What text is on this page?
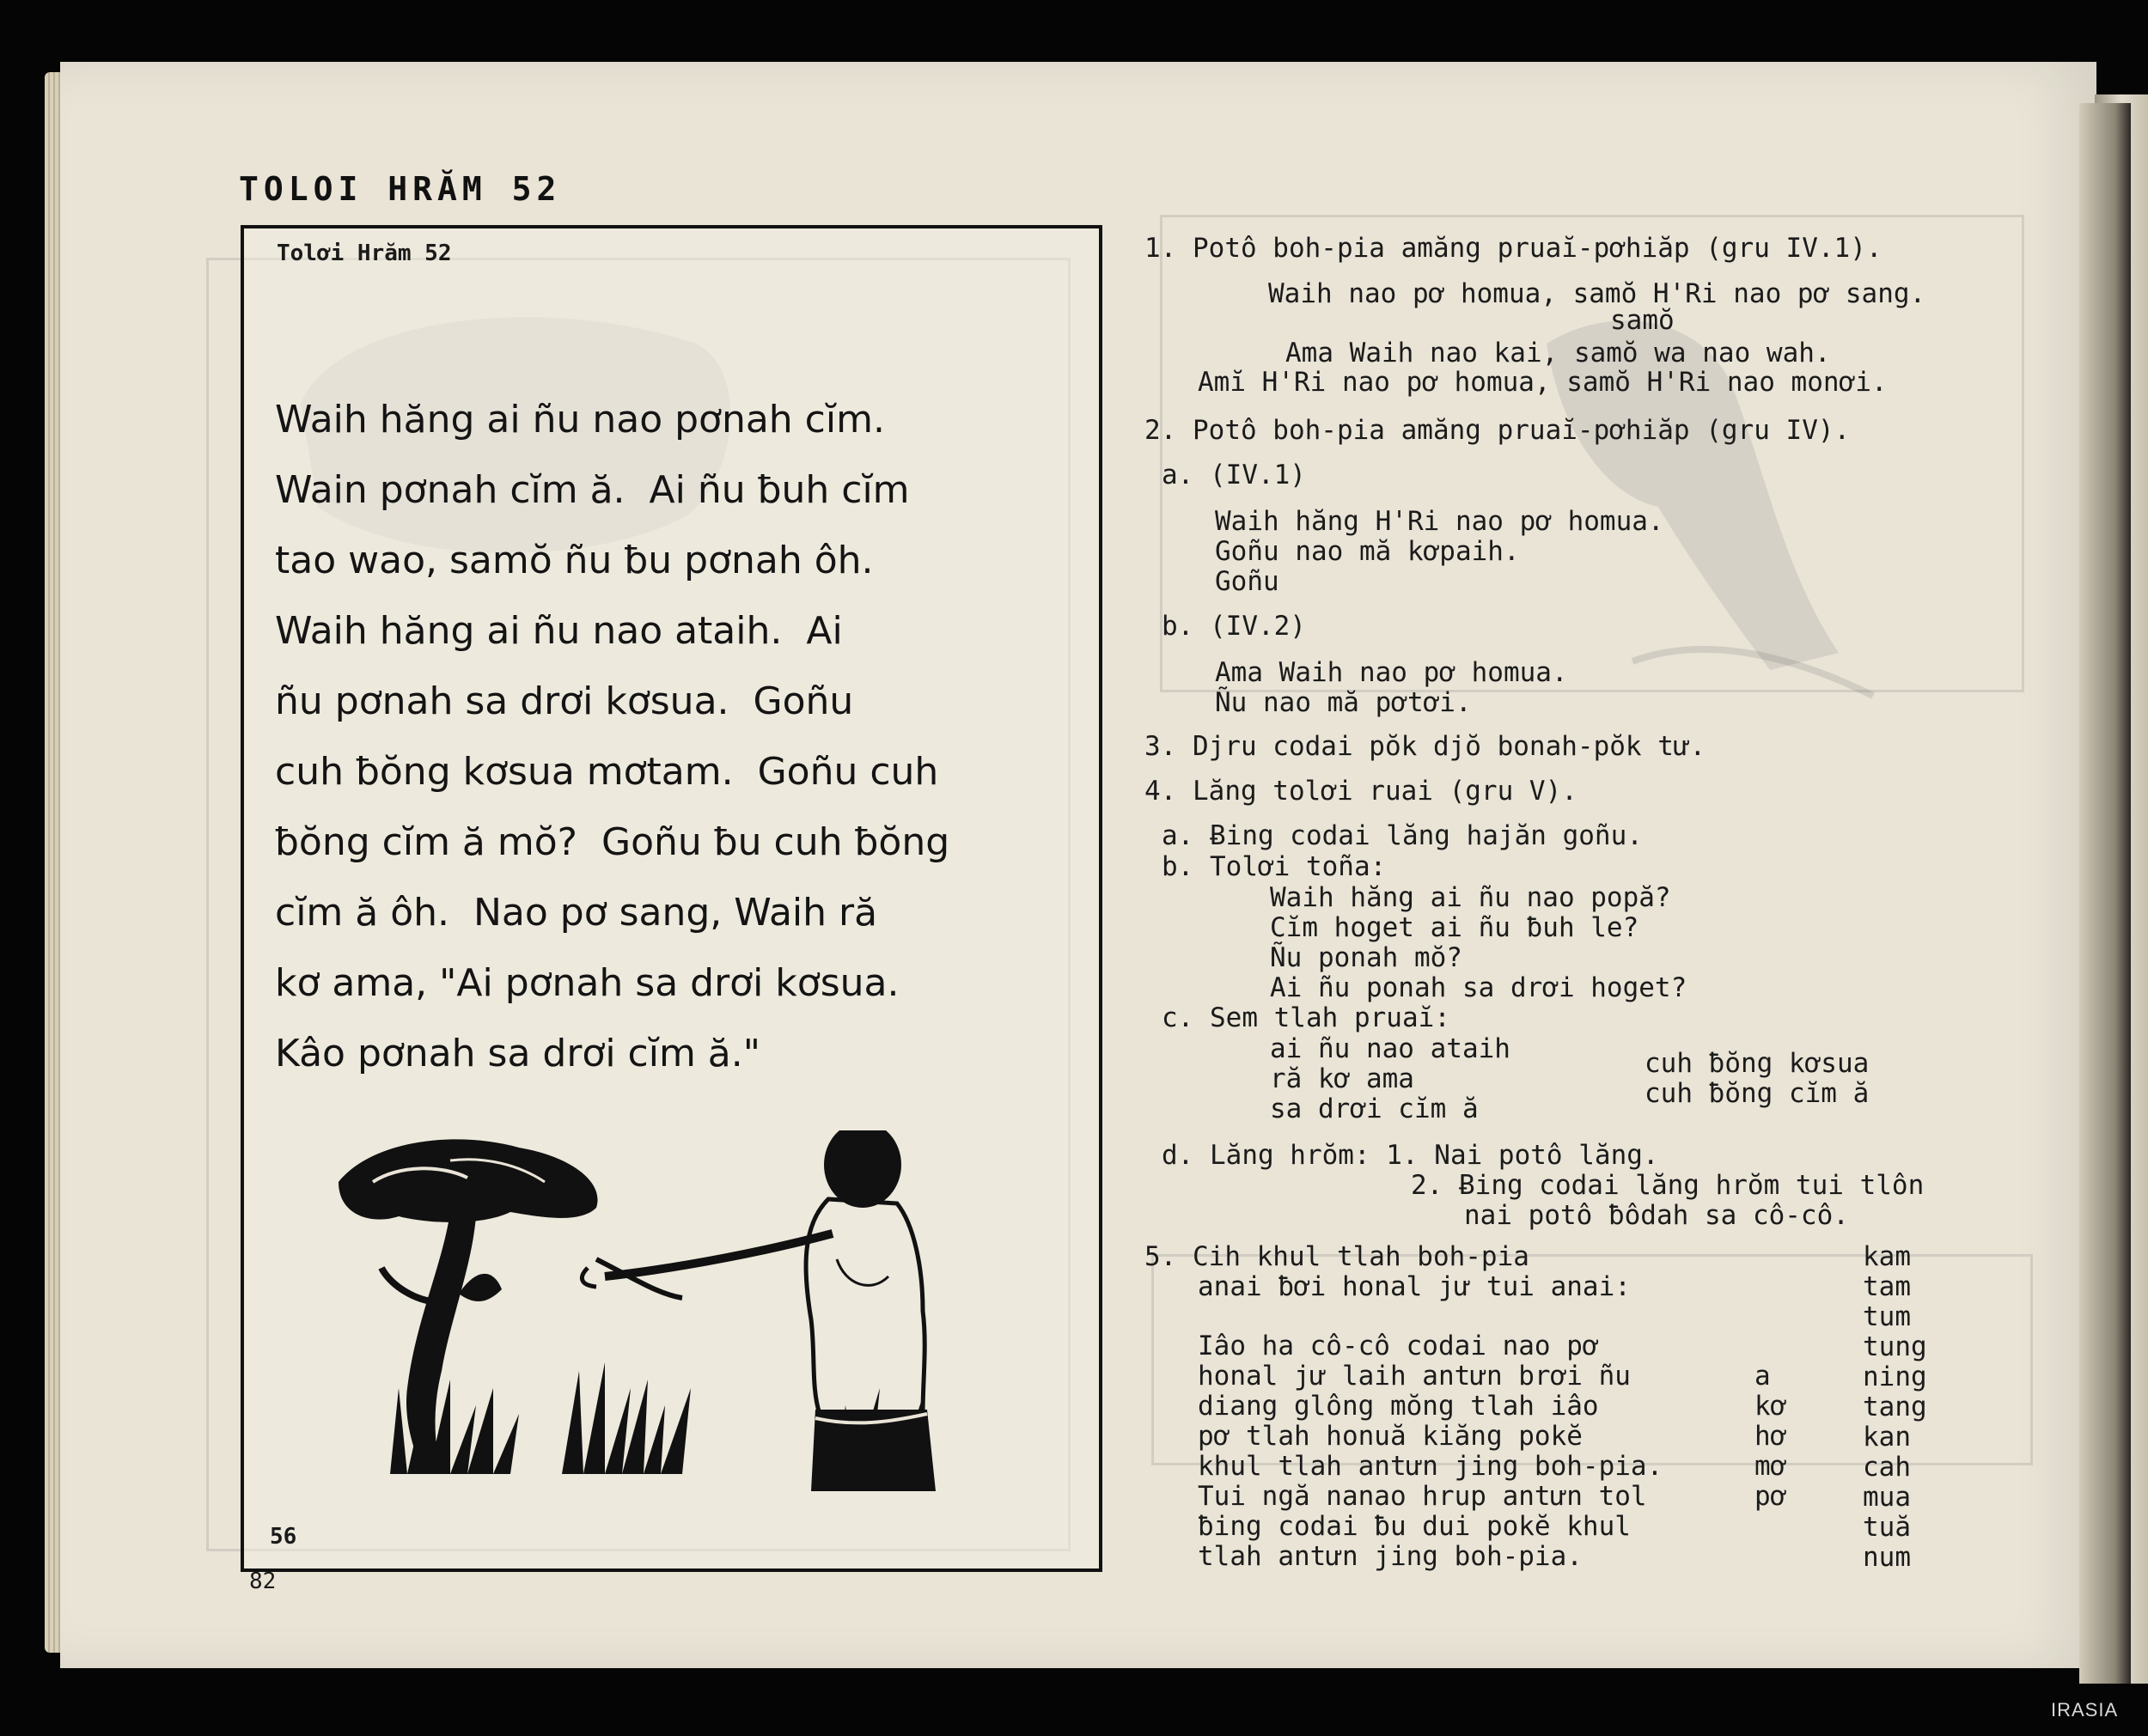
TOLOI HRĂM 52
Tolơi Hrăm 52
Waih hăng ai ñu nao pơnah cĭm.
Wain pơnah cĭm ă.  Ai ñu ƀuh cĭm
tao wao, samŏ ñu ƀu pơnah ôh.
Waih hăng ai ñu nao ataih.  Ai
ñu pơnah sa drơi kơsua.  Goñu
cuh ƀŏng kơsua mơtam.  Goñu cuh
ƀŏng cĭm ă mŏ?  Goñu ƀu cuh ƀŏng
cĭm ă ôh.  Nao pơ sang, Waih ră
kơ ama, "Ai pơnah sa drơi kơsua.
Kâo pơnah sa drơi cĭm ă."
56
82
1. Potô boh-pia amăng pruaĭ-pơhiăp (gru IV.1).
Waih nao pơ homua, samŏ H'Ri nao pơ sang.
samŏ
Ama Waih nao kai, samŏ wa nao wah.
Amĭ H'Ri nao pơ homua, samŏ H'Ri nao monơi.
2. Potô boh-pia amăng pruaĭ-pơhiăp (gru IV).
a. (IV.1)
Waih hăng H'Ri nao pơ homua.
Goñu nao mă kơpaih.
Goñu
b. (IV.2)
Ama Waih nao pơ homua.
Ñu nao mă pơtơi.
3. Djru codai pŏk djŏ bonah-pŏk tư.
4. Lăng tolơi ruai (gru V).
a. Ƀing codai lăng hajăn goñu.
b. Tolơi toña:
Waih hăng ai ñu nao popă?
Cĭm hoget ai ñu ƀuh le?
Ñu ponah mŏ?
Ai ñu ponah sa drơi hoget?
c. Sem tlah pruaĭ:
ai ñu nao ataih
ră kơ ama
sa drơi cĭm ă
cuh ƀŏng kơsua
cuh ƀŏng cĭm ă
d. Lăng hrŏm: 1. Nai potô lăng.
2. Ƀing codai lăng hrŏm tui tlôn
nai potô ƀôdah sa cô-cô.
5. Cih khul tlah boh-pia
anai ƀơi honal jư tui anai:
Iâo ha cô-cô codai nao pơ
honal jư laih antưn brơi ñu
diang glông mŏng tlah iâo
pơ tlah honuă kiăng pokĕ
khul tlah antưn jing boh-pia.
Tui ngă nanao hrup antưn tol
ƀing codai ƀu dui pokĕ khul
tlah antưn jing boh-pia.
a
kơ
hơ
mơ
pơ
kam
tam
tum
tung
ning
tang
kan
cah
mua
tuă
num
IRASIA
